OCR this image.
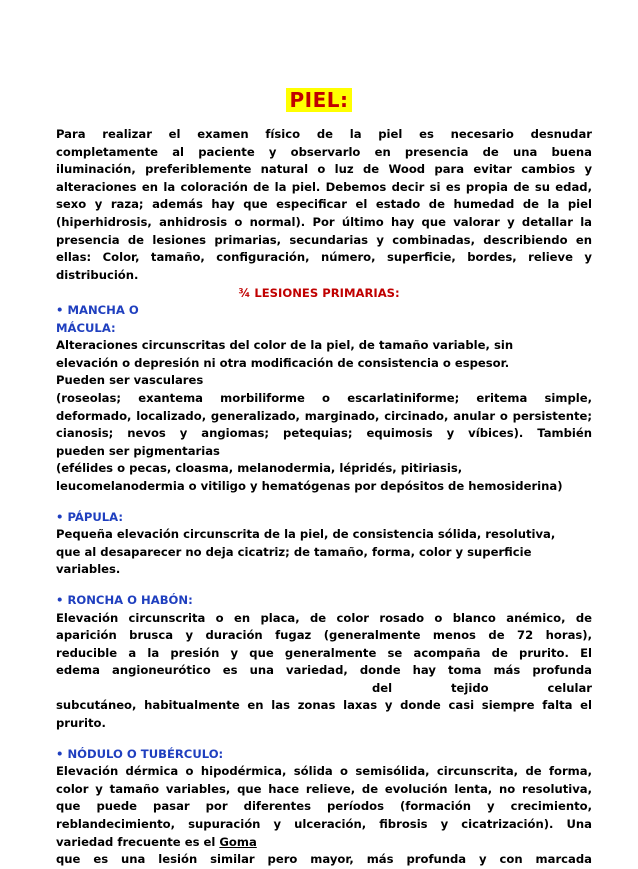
PIEL:
Para realizar el examen físico de la piel es necesario desnudar
completamente al paciente y observarlo en presencia de una buena
iluminación, preferiblemente natural o luz de Wood para evitar cambios y
alteraciones en la coloración de la piel. Debemos decir si es propia de su edad,
sexo y raza; además hay que especificar el estado de humedad de la piel
(hiperhidrosis, anhidrosis o normal). Por último hay que valorar y detallar la
presencia de lesiones primarias, secundarias y combinadas, describiendo en
ellas: Color, tamaño, configuración, número, superficie, bordes, relieve y
distribución.
¾ LESIONES PRIMARIAS:
• MANCHA O
MÁCULA:
Alteraciones circunscritas del color de la piel, de tamaño variable, sin
elevación o depresión ni otra modificación de consistencia o espesor.
Pueden ser vasculares
(roseolas; exantema morbiliforme o escarlatiniforme; eritema simple,
deformado, localizado, generalizado, marginado, circinado, anular o persistente;
cianosis; nevos y angiomas; petequias; equimosis y víbices). También
pueden ser pigmentarias
(efélides o pecas, cloasma, melanodermia, lépridés, pitiriasis,
leucomelanodermia o vitiligo y hematógenas por depósitos de hemosiderina)
• PÁPULA:
Pequeña elevación circunscrita de la piel, de consistencia sólida, resolutiva,
que al desaparecer no deja cicatriz; de tamaño, forma, color y superficie
variables.
• RONCHA O HABÓN:
Elevación circunscrita o en placa, de color rosado o blanco anémico, de
aparición brusca y duración fugaz (generalmente menos de 72 horas),
reducible a la presión y que generalmente se acompaña de prurito. El
edema angioneurótico es una variedad, donde hay toma más profunda
del tejido celular
subcutáneo, habitualmente en las zonas laxas y donde casi siempre falta el
prurito.
• NÓDULO O TUBÉRCULO:
Elevación dérmica o hipodérmica, sólida o semisólida, circunscrita, de forma,
color y tamaño variables, que hace relieve, de evolución lenta, no resolutiva,
que puede pasar por diferentes períodos (formación y crecimiento,
reblandecimiento, supuración y ulceración, fibrosis y cicatrización). Una
variedad frecuente es el Goma
que es una lesión similar pero mayor, más profunda y con marcada
